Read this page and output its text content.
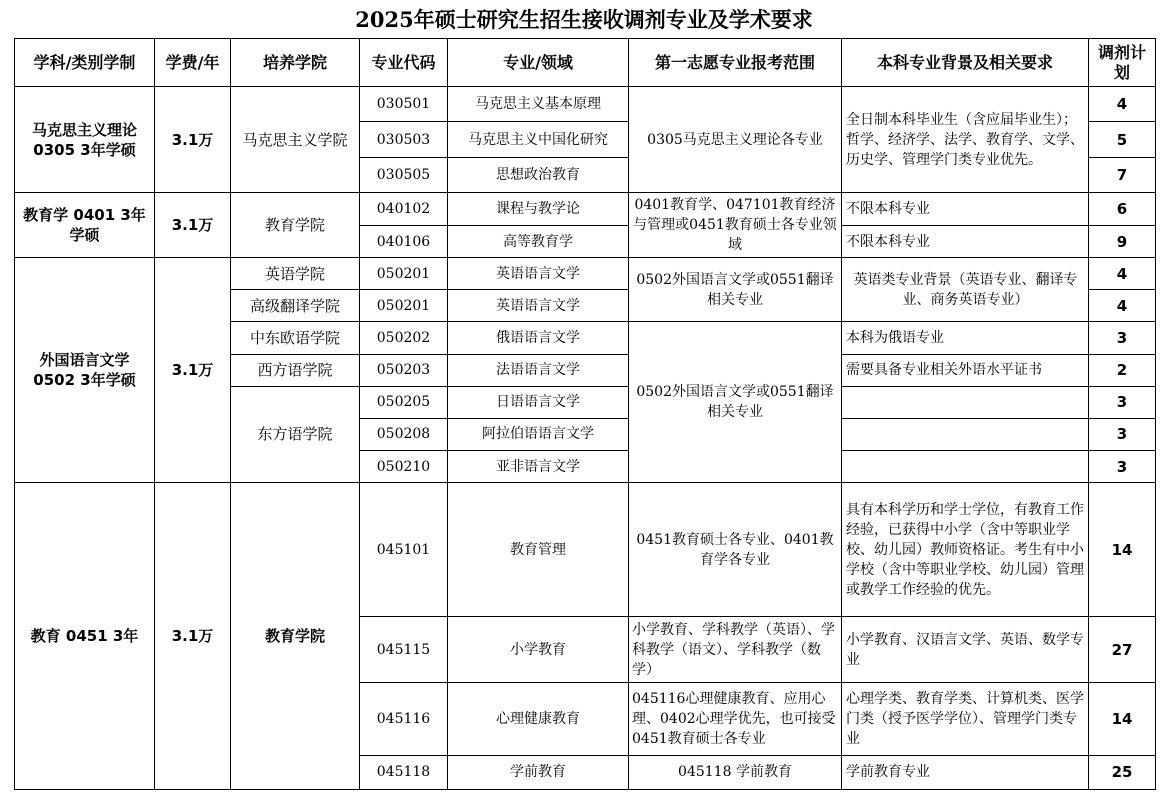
2025年硕士研究生招生接收调剂专业及学术要求
学科/类别学制	学费/年	培养学院	专业代码	专业/领域	第一志愿专业报考范围	本科专业背景及相关要求	调剂计划
马克思主义理论 0305 3年学硕	3.1万	马克思主义学院	030501	马克思主义基本原理	0305马克思主义理论各专业	全日制本科毕业生（含应届毕业生）；哲学、经济学、法学、教育学、文学、历史学、管理学门类专业优先。	4
			030503	马克思主义中国化研究			5
			030505	思想政治教育			7
教育学 0401 3年学硕	3.1万	教育学院	040102	课程与教学论	0401教育学、047101教育经济与管理或0451教育硕士各专业领域	不限本科专业	6
			040106	高等教育学		不限本科专业	9
外国语言文学 0502 3年学硕	3.1万	英语学院	050201	英语语言文学	0502外国语言文学或0551翻译相关专业	英语类专业背景（英语专业、翻译专业、商务英语专业）	4
		高级翻译学院	050201	英语语言文学			4
		中东欧语学院	050202	俄语语言文学	0502外国语言文学或0551翻译相关专业	本科为俄语专业	3
		西方语学院	050203	法语语言文学		需要具备专业相关外语水平证书	2
		东方语学院	050205	日语语言文学			3
			050208	阿拉伯语语言文学			3
			050210	亚非语言文学			3
教育 0451 3年	3.1万	教育学院	045101	教育管理	0451教育硕士各专业、0401教育学各专业	具有本科学历和学士学位，有教育工作经验，已获得中小学（含中等职业学校、幼儿园）教师资格证。考生有中小学校（含中等职业学校、幼儿园）管理或教学工作经验的优先。	14
			045115	小学教育	小学教育、学科教学（英语）、学科教学（语文）、学科教学（数学）	小学教育、汉语言文学、英语、数学专业	27
			045116	心理健康教育	045116心理健康教育、应用心理、0402心理学优先，也可接受0451教育硕士各专业	心理学类、教育学类、计算机类、医学门类（授予医学学位）、管理学门类专业	14
			045118	学前教育	045118 学前教育	学前教育专业	25
